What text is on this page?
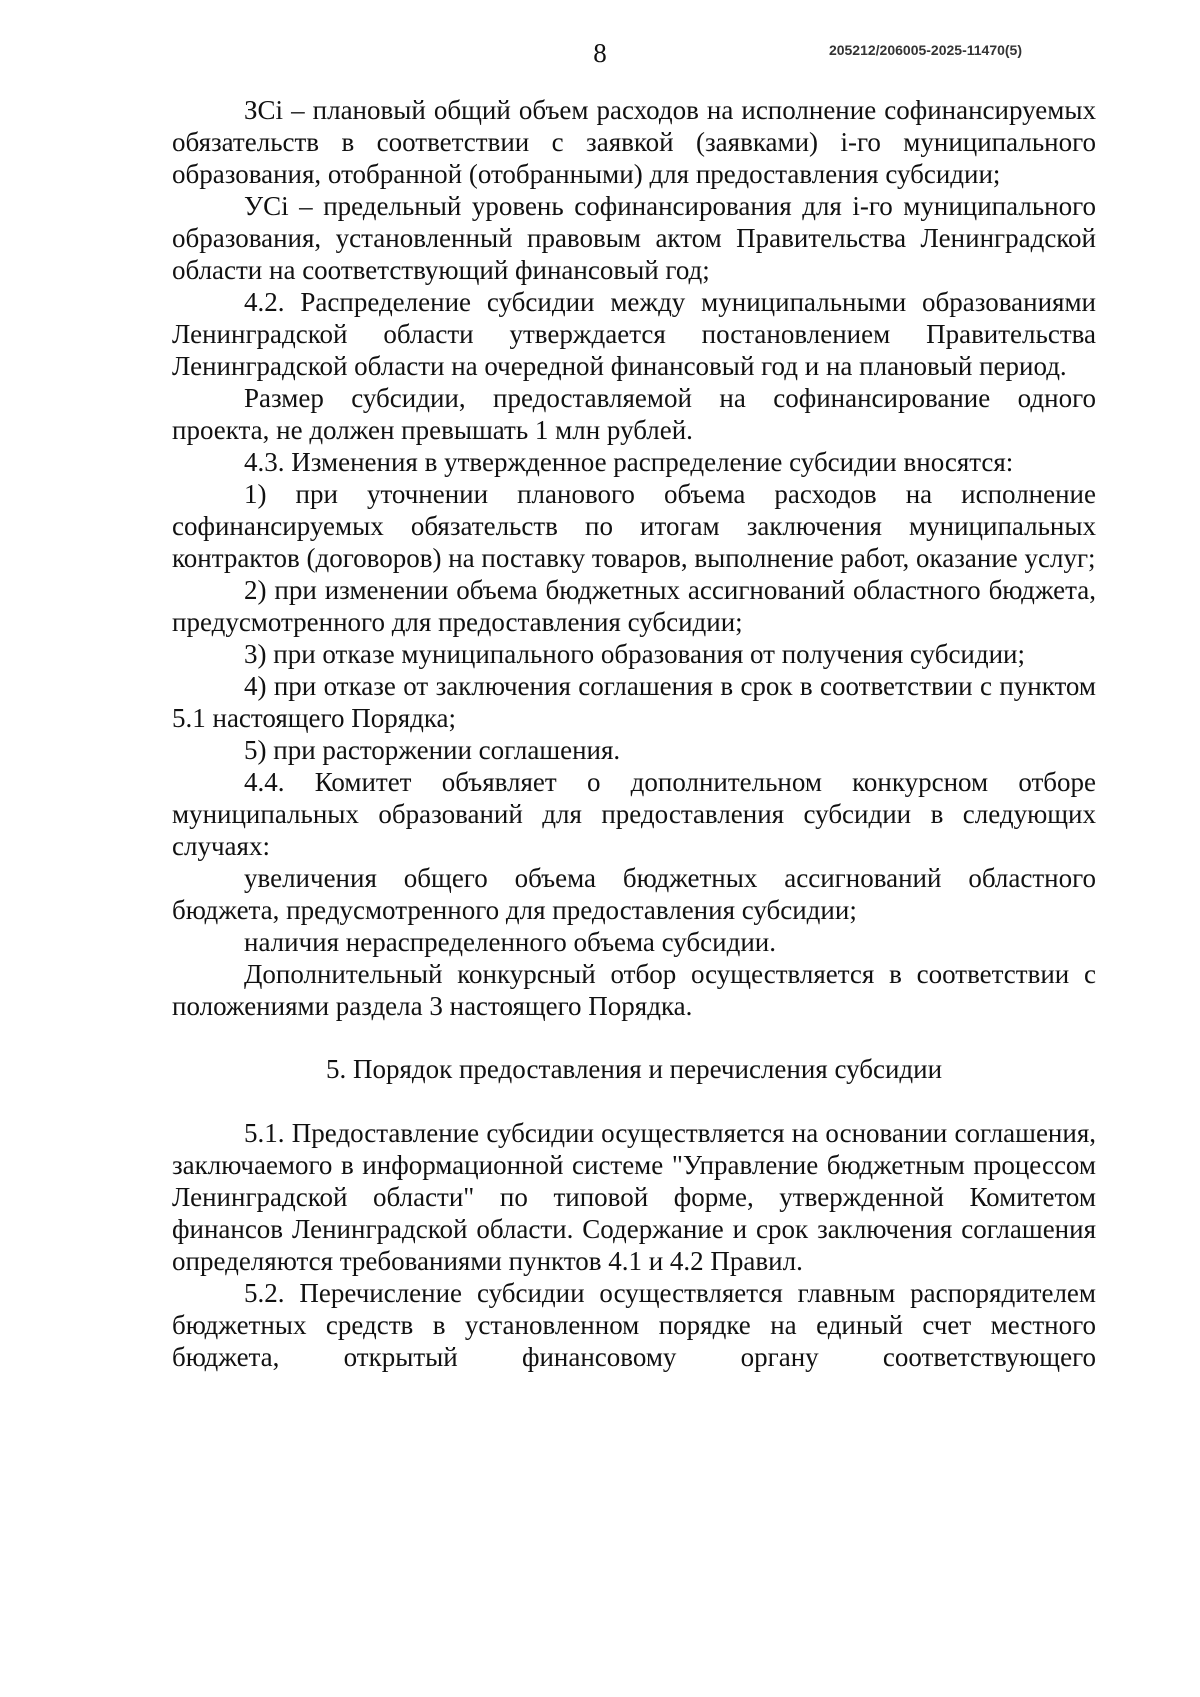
8	205212/206005-2025-11470(5)

ЗСi – плановый общий объем расходов на исполнение софинансируемых обязательств в соответствии с заявкой (заявками) i-го муниципального образования, отобранной (отобранными) для предоставления субсидии;

УСi – предельный уровень софинансирования для i-го муниципального образования, установленный правовым актом Правительства Ленинградской области на соответствующий финансовый год;

4.2. Распределение субсидии между муниципальными образованиями Ленинградской области утверждается постановлением Правительства Ленинградской области на очередной финансовый год и на плановый период.

Размер субсидии, предоставляемой на софинансирование одного проекта, не должен превышать 1 млн рублей.

4.3. Изменения в утвержденное распределение субсидии вносятся:

1) при уточнении планового объема расходов на исполнение софинансируемых обязательств по итогам заключения муниципальных контрактов (договоров) на поставку товаров, выполнение работ, оказание услуг;

2) при изменении объема бюджетных ассигнований областного бюджета, предусмотренного для предоставления субсидии;

3) при отказе муниципального образования от получения субсидии;

4) при отказе от заключения соглашения в срок в соответствии с пунктом 5.1 настоящего Порядка;

5) при расторжении соглашения.

4.4. Комитет объявляет о дополнительном конкурсном отборе муниципальных образований для предоставления субсидии в следующих случаях:

увеличения общего объема бюджетных ассигнований областного бюджета, предусмотренного для предоставления субсидии;

наличия нераспределенного объема субсидии.

Дополнительный конкурсный отбор осуществляется в соответствии с положениями раздела 3 настоящего Порядка.

5. Порядок предоставления и перечисления субсидии

5.1. Предоставление субсидии осуществляется на основании соглашения, заключаемого в информационной системе "Управление бюджетным процессом Ленинградской области" по типовой форме, утвержденной Комитетом финансов Ленинградской области. Содержание и срок заключения соглашения определяются требованиями пунктов 4.1 и 4.2 Правил.

5.2. Перечисление субсидии осуществляется главным распорядителем бюджетных средств в установленном порядке на единый счет местного бюджета, открытый финансовому органу соответствующего
